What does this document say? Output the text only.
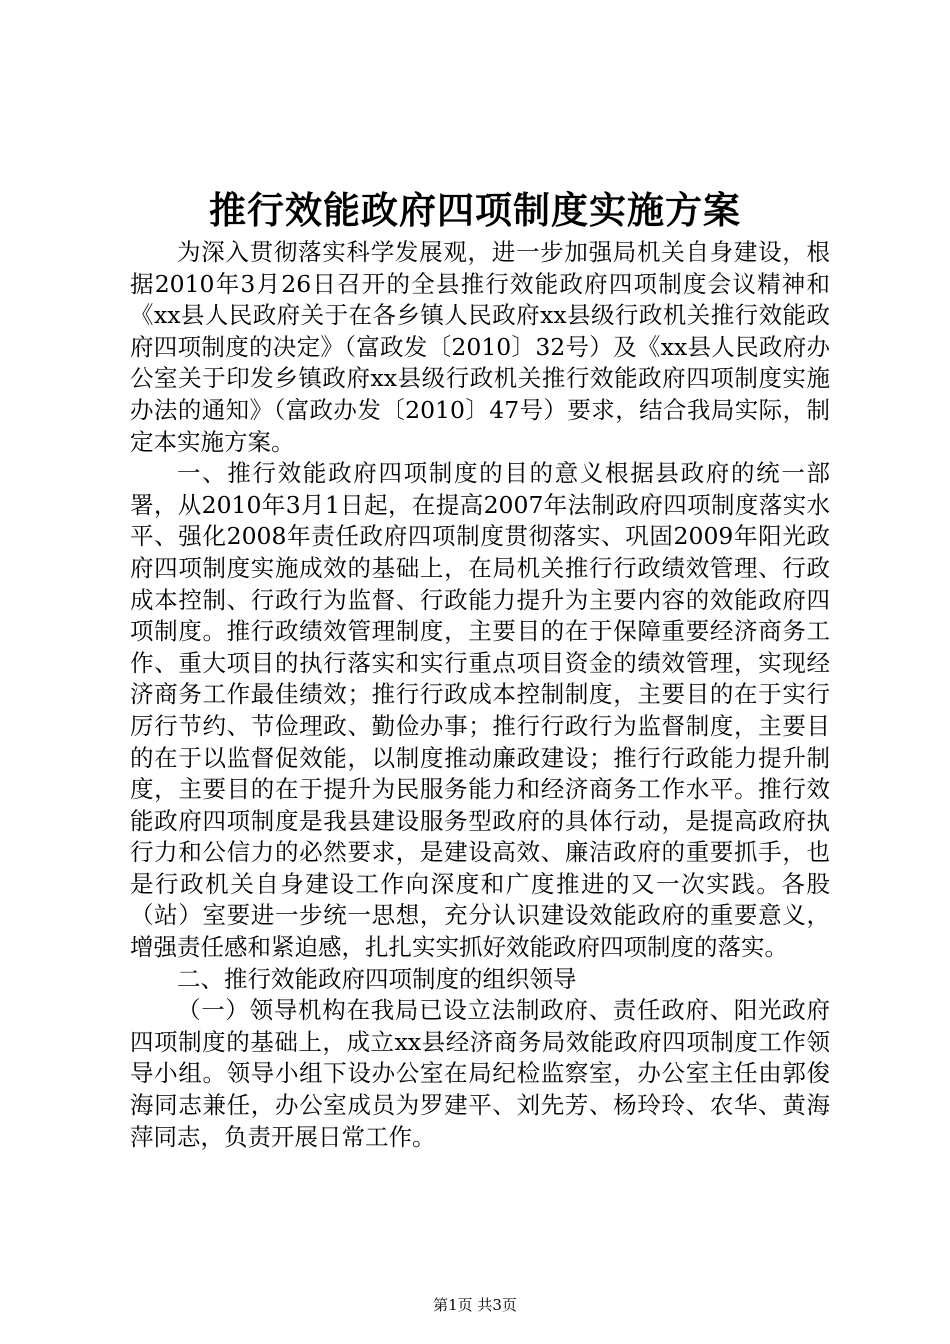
推行效能政府四项制度实施方案

为深入贯彻落实科学发展观，进一步加强局机关自身建设，根据2010年3月26日召开的全县推行效能政府四项制度会议精神和《xx县人民政府关于在各乡镇人民政府xx县级行政机关推行效能政府四项制度的决定》（富政发〔2010〕32号）及《xx县人民政府办公室关于印发乡镇政府xx县级行政机关推行效能政府四项制度实施办法的通知》（富政办发〔2010〕47号）要求，结合我局实际，制定本实施方案。

一、推行效能政府四项制度的目的意义根据县政府的统一部署，从2010年3月1日起，在提高2007年法制政府四项制度落实水平、强化2008年责任政府四项制度贯彻落实、巩固2009年阳光政府四项制度实施成效的基础上，在局机关推行行政绩效管理、行政成本控制、行政行为监督、行政能力提升为主要内容的效能政府四项制度。推行政绩效管理制度，主要目的在于保障重要经济商务工作、重大项目的执行落实和实行重点项目资金的绩效管理，实现经济商务工作最佳绩效；推行行政成本控制制度，主要目的在于实行厉行节约、节俭理政、勤俭办事；推行行政行为监督制度，主要目的在于以监督促效能，以制度推动廉政建设；推行行政能力提升制度，主要目的在于提升为民服务能力和经济商务工作水平。推行效能政府四项制度是我县建设服务型政府的具体行动，是提高政府执行力和公信力的必然要求，是建设高效、廉洁政府的重要抓手，也是行政机关自身建设工作向深度和广度推进的又一次实践。各股（站）室要进一步统一思想，充分认识建设效能政府的重要意义，增强责任感和紧迫感，扎扎实实抓好效能政府四项制度的落实。

二、推行效能政府四项制度的组织领导

（一）领导机构在我局已设立法制政府、责任政府、阳光政府四项制度的基础上，成立xx县经济商务局效能政府四项制度工作领导小组。领导小组下设办公室在局纪检监察室，办公室主任由郭俊海同志兼任，办公室成员为罗建平、刘先芳、杨玲玲、农华、黄海萍同志，负责开展日常工作。

第1页 共3页
